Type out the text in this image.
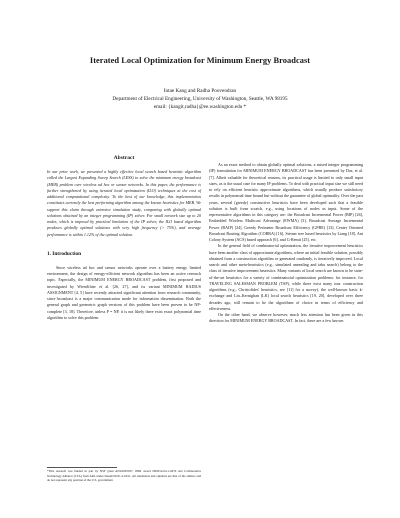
Iterated Local Optimization for Minimum Energy Broadcast
Intae Kang and Radha Poovendran
Department of Electrical Engineering, University of Washington, Seattle, WA 98195
email: {kangit,radha}@ee.washington.edu *
Abstract

In our prior work, we presented a highly effective local search based heuristic algorithm called the Largest Expanding Sweep Search (LESS) to solve the minimum energy broadcast (MEB) problem over wireless ad hoc or sensor networks. In this paper, the performance is further strengthened by using iterated local optimization (ILO) techniques at the cost of additional computational complexity. To the best of our knowledge, this implementation constitutes currently the best performing algorithm among the known heuristics for MEB. We support this claim through extensive simulation study, comparing with globally optimal solutions obtained by an integer programming (IP) solver. For small network size up to 20 nodes, which is imposed by practical limitation of the IP solver, the ILO based algorithm produces globally optimal solutions with very high frequency (> 75%), and average performance is within 1.12% of the optimal solution.

1. Introduction

Since wireless ad hoc and sensor networks operate over a battery energy limited environment, the design of energy-efficient network algorithm has been an active research topic. Especially, the MINIMUM ENERGY BROADCAST problem, first proposed and investigated by Wieselthier et al. [26, 27], and its variant MINIMUM RADIUS ASSIGNMENT [4, 5] have recently attracted significant attention from research community, since broadcast is a major communication mode for information dissemination. Both the general graph and geometric graph versions of this problem have been proven to be NP-complete [3, 18]. Therefore, unless P = NP, it is not likely there exist exact polynomial time algorithm to solve this problem.

As an exact method to obtain globally optimal solutions, a mixed integer programming (IP) formulation for MINIMUM ENERGY BROADCAST has been presented by Das, et al. [7]. Albeit valuable for theoretical reasons, its practical usage is limited to only small input sizes, as is the usual case for many IP problems. To deal with practical input size we still need to rely on efficient heuristic approximate algorithms, which usually produce satisfactory results in polynomial time bound but without the guarantee of global optimality. Over the past years, several (greedy) constructive heuristics have been developed such that a feasible solution is built from scratch, e.g., using locations of nodes as input. Some of the representative algorithms in this category are: the Broadcast Incremental Power (BIP) [26], Embedded Wireless Multicast Advantage (EWMA) [3], Broadcast Average Incremental Power (BAIP) [24], Greedy Perimeter Broadcast Efficiency (GPBE) [13], Center Oriented Broadcast Routing Algorithm (COBRA) [16], Steiner tree based heuristics by Liang [18], Ant Colony System (ACS) based approach [6], and G-Remit [25], etc.

In the general field of combinatorial optimization, the iterative improvement heuristics have been another class of approximate algorithms, where an initial feasible solution, possibly obtained from a construction algorithm or generated randomly, is iteratively improved. Local search and other meta-heuristics (e.g., simulated annealing and tabu search) belong to the class of iterative improvement heuristics. Many variants of local search are known to be state-of-the-art heuristics for a variety of combinatorial optimization problems: for instance, for TRAVELING SALESMAN PROBLEM (TSP), while there exist many tour construction algorithms (e.g., Christofides' heuristics, see [11] for a survey), the well-known basic k-exchange and Lin–Kernighan (LK) local search heuristics [19, 20], developed over three decades ago, still remain to be the algorithms of choice in terms of efficiency and effectiveness.

On the other hand, we observe however, much less attention has been given in this direction for MINIMUM ENERGY BROADCAST. In fact, there are a few known

*This research was funded in part by NSF grant ANI-0093187, ONR award N00014-04-1-0479 and Collaborative Technology Alliance (CTA) from ARL under DAAD19-01-2-0011. All statements and opinions are that of the authors and do not represent any position of the U.S. government.
